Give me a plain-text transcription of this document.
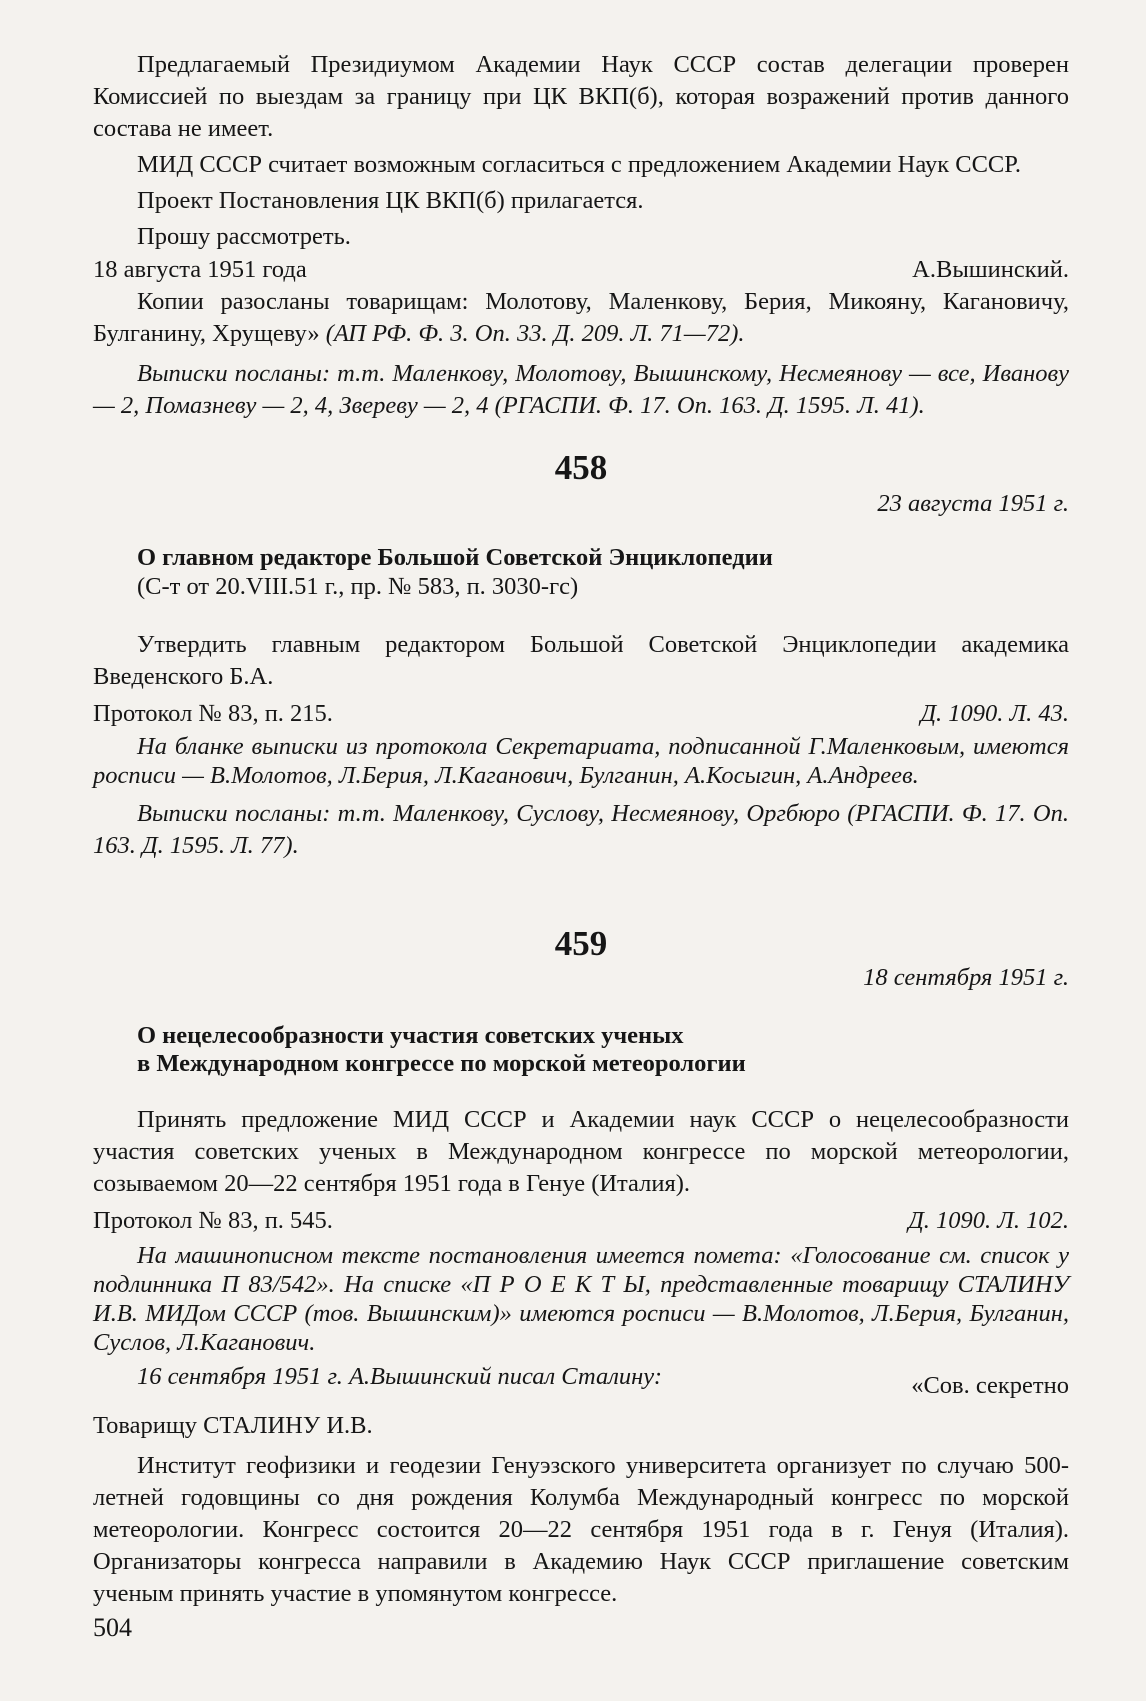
Предлагаемый Президиумом Академии Наук СССР состав делегации проверен Комиссией по выездам за границу при ЦК ВКП(б), которая возражений против данного состава не имеет.

МИД СССР считает возможным согласиться с предложением Академии Наук СССР.

Проект Постановления ЦК ВКП(б) прилагается.

Прошу рассмотреть.

18 августа 1951 года	А.Вышинский.

Копии разосланы товарищам: Молотову, Маленкову, Берия, Микояну, Кагановичу, Булганину, Хрущеву» (АП РФ. Ф. 3. Оп. 33. Д. 209. Л. 71—72).

Выписки посланы: т.т. Маленкову, Молотову, Вышинскому, Несмеянову — все, Иванову — 2, Помазневу — 2, 4, Звереву — 2, 4 (РГАСПИ. Ф. 17. Оп. 163. Д. 1595. Л. 41).

458
23 августа 1951 г.

О главном редакторе Большой Советской Энциклопедии

(С-т от 20.VIII.51 г., пр. № 583, п. 3030-гс)

Утвердить главным редактором Большой Советской Энциклопедии академика Введенского Б.А.

Протокол № 83, п. 215.	Д. 1090. Л. 43.

На бланке выписки из протокола Секретариата, подписанной Г.Маленковым, имеются росписи — В.Молотов, Л.Берия, Л.Каганович, Булганин, А.Косыгин, А.Андреев.

Выписки посланы: т.т. Маленкову, Суслову, Несмеянову, Оргбюро (РГАСПИ. Ф. 17. Оп. 163. Д. 1595. Л. 77).

459
18 сентября 1951 г.

О нецелесообразности участия советских ученых

в Международном конгрессе по морской метеорологии

Принять предложение МИД СССР и Академии наук СССР о нецелесообразности участия советских ученых в Международном конгрессе по морской метеорологии, созываемом 20—22 сентября 1951 года в Генуе (Италия).

Протокол № 83, п. 545.	Д. 1090. Л. 102.

На машинописном тексте постановления имеется помета: «Голосование см. список у подлинника П 83/542». На списке «П Р О Е К Т Ы, представленные товарищу СТАЛИНУ И.В. МИДом СССР (тов. Вышинским)» имеются росписи — В.Молотов, Л.Берия, Булганин, Суслов, Л.Каганович.

16 сентября 1951 г. А.Вышинский писал Сталину:	«Сов. секретно
Товарищу СТАЛИНУ И.В.

Институт геофизики и геодезии Генуэзского университета организует по случаю 500-летней годовщины со дня рождения Колумба Международный конгресс по морской метеорологии. Конгресс состоится 20—22 сентября 1951 года в г. Генуя (Италия). Организаторы конгресса направили в Академию Наук СССР приглашение советским ученым принять участие в упомянутом конгрессе.

504
